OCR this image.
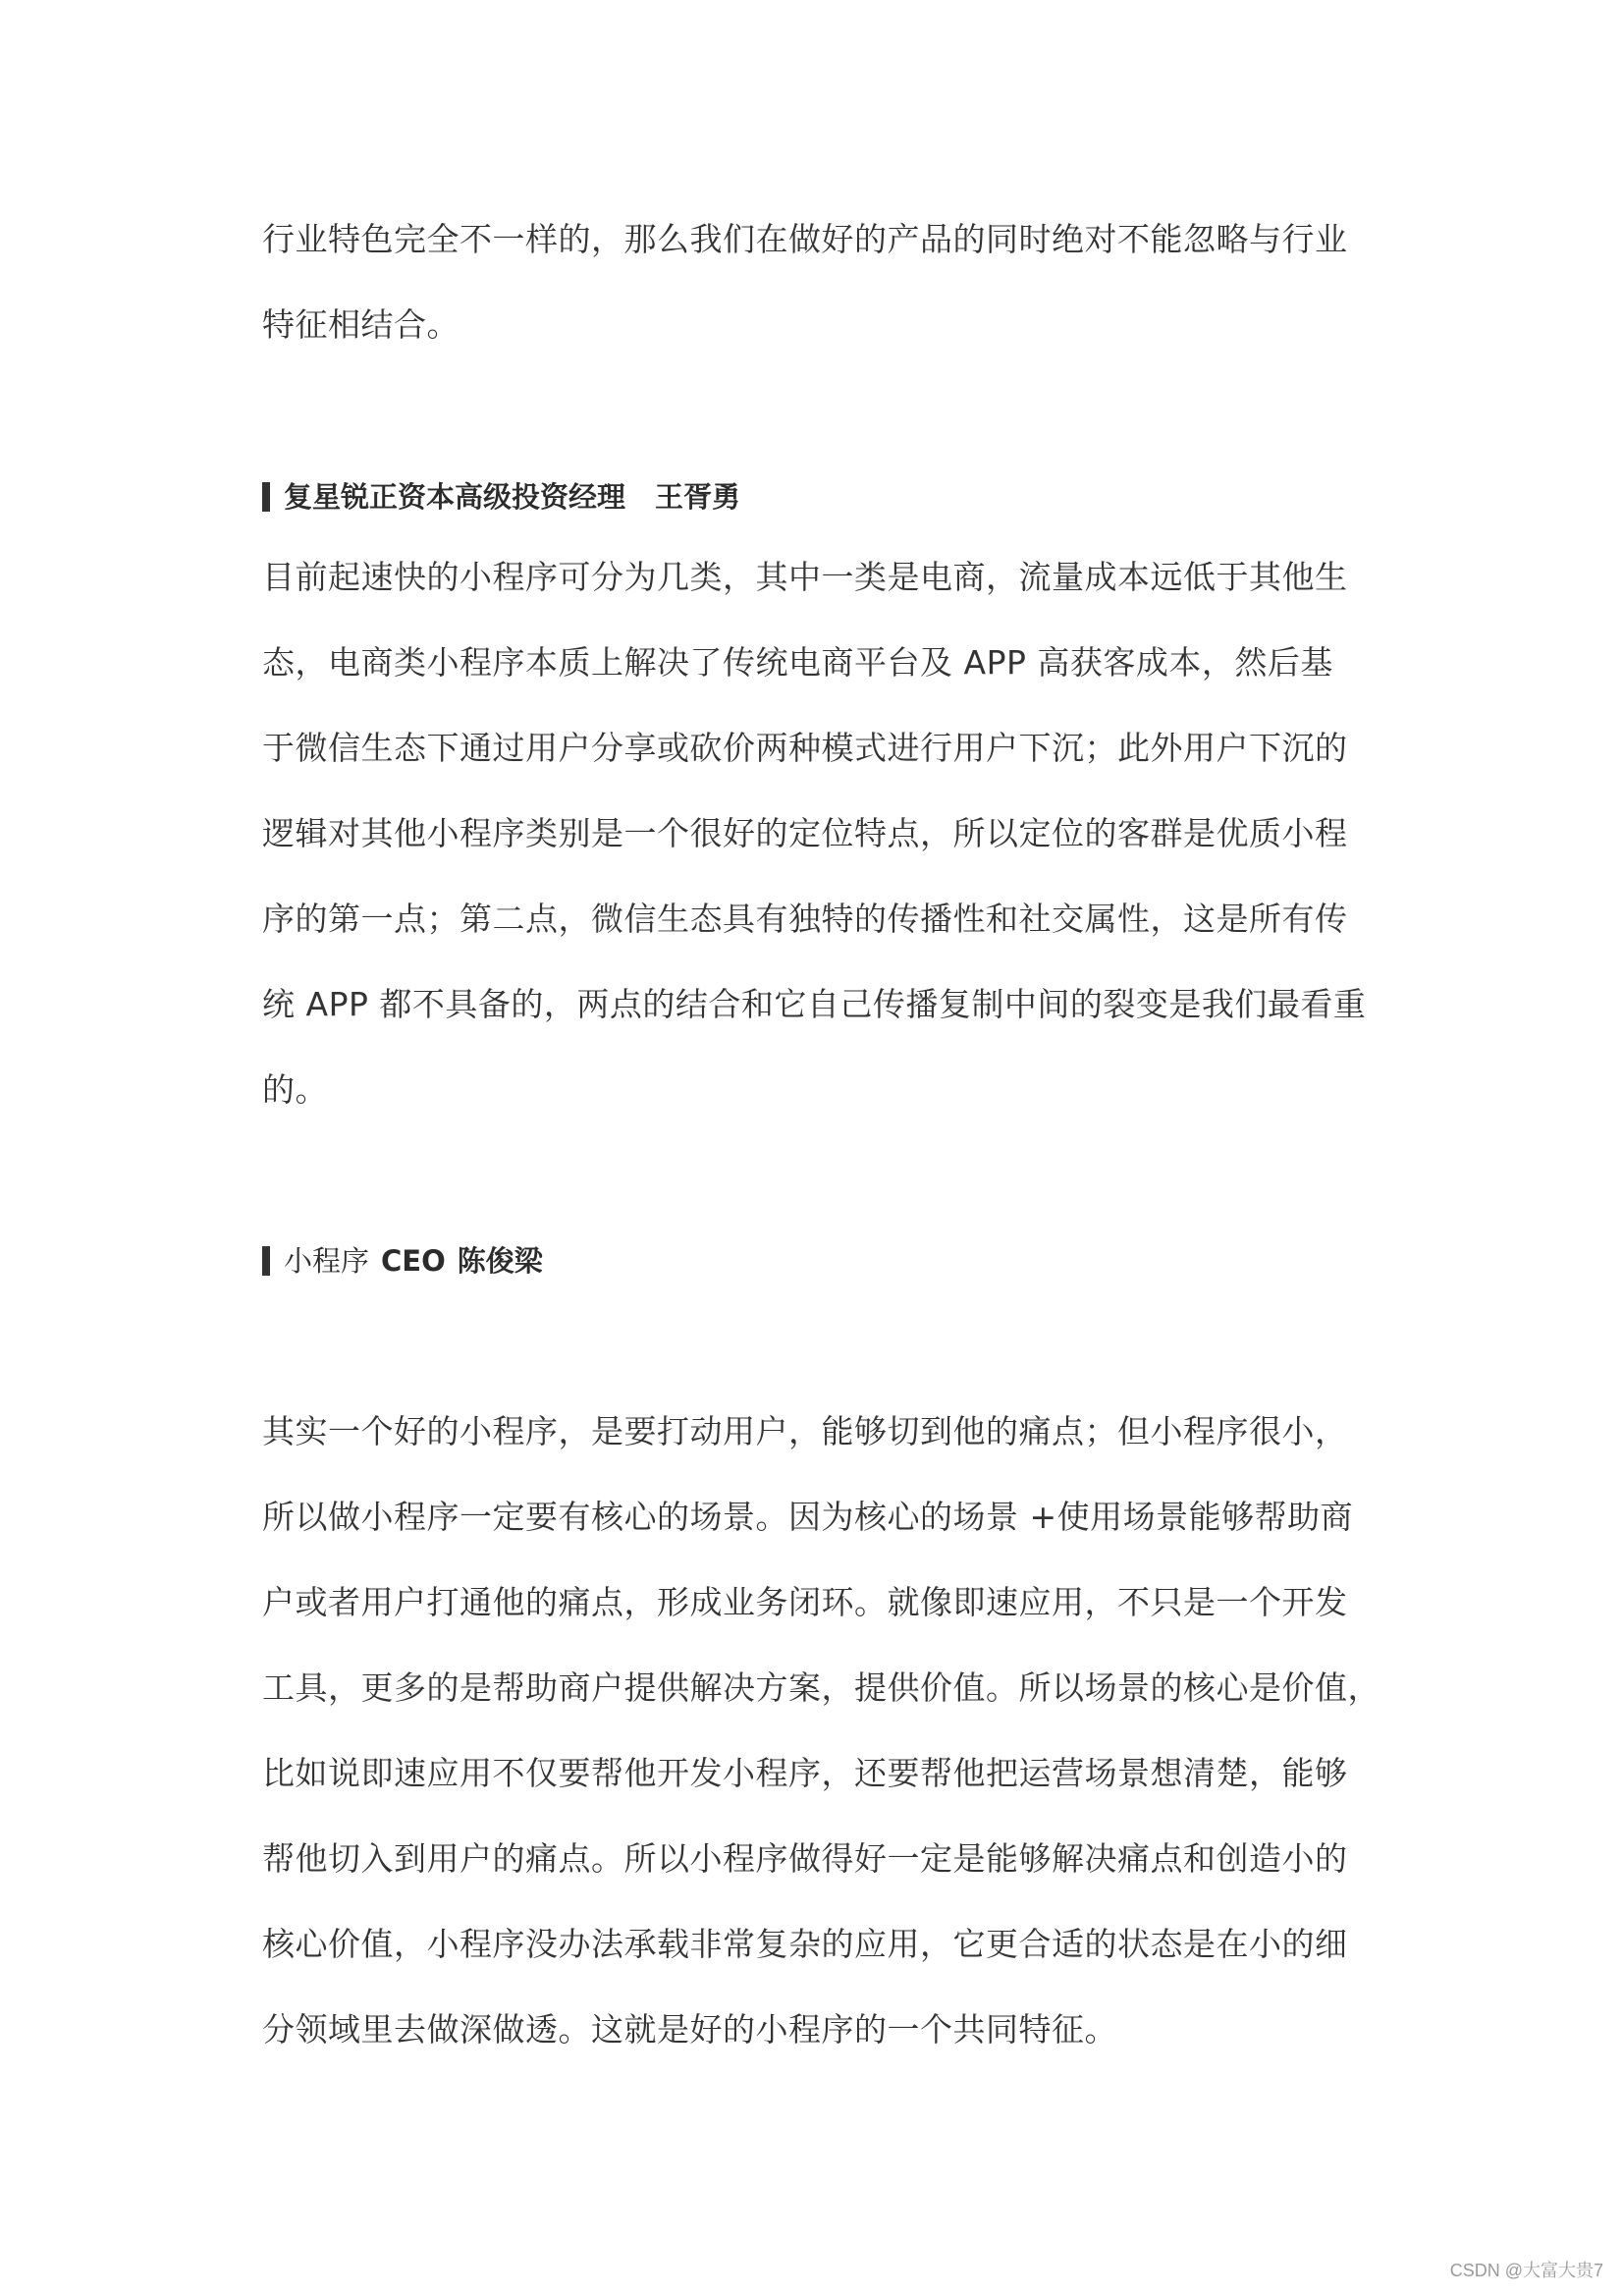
行业特色完全不一样的，那么我们在做好的产品的同时绝对不能忽略与行业
特征相结合。
复星锐正资本高级投资经理 王胥勇
目前起速快的小程序可分为几类，其中一类是电商，流量成本远低于其他生
态，电商类小程序本质上解决了传统电商平台及 APP 高获客成本，然后基
于微信生态下通过用户分享或砍价两种模式进行用户下沉；此外用户下沉的
逻辑对其他小程序类别是一个很好的定位特点，所以定位的客群是优质小程
序的第一点；第二点，微信生态具有独特的传播性和社交属性，这是所有传
统 APP 都不具备的，两点的结合和它自己传播复制中间的裂变是我们最看重
的。
小程序 CEO 陈俊梁
其实一个好的小程序，是要打动用户，能够切到他的痛点；但小程序很小，
所以做小程序一定要有核心的场景。因为核心的场景 +使用场景能够帮助商
户或者用户打通他的痛点，形成业务闭环。就像即速应用，不只是一个开发
工具，更多的是帮助商户提供解决方案，提供价值。所以场景的核心是价值，
比如说即速应用不仅要帮他开发小程序，还要帮他把运营场景想清楚，能够
帮他切入到用户的痛点。所以小程序做得好一定是能够解决痛点和创造小的
核心价值，小程序没办法承载非常复杂的应用，它更合适的状态是在小的细
分领域里去做深做透。这就是好的小程序的一个共同特征。
CSDN @大富大贵7
